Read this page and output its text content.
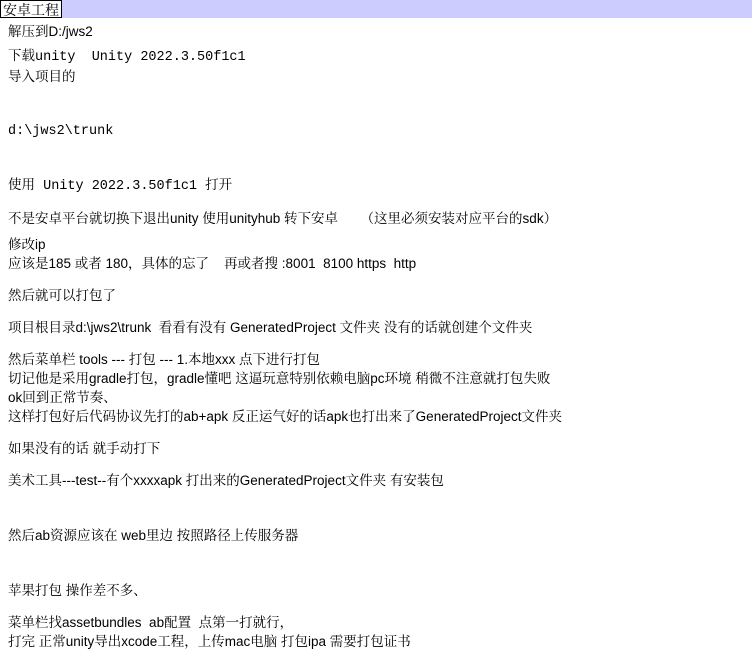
安卓工程
解压到D:/jws2
下载unity  Unity 2022.3.50f1c1
导入项目的
d:\jws2\trunk
使用 Unity 2022.3.50f1c1 打开
不是安卓平台就切换下退出unity 使用unityhub 转下安卓      （这里必须安装对应平台的sdk）
修改ip
应该是185 或者 180，具体的忘了    再或者搜 :8001  8100 https  http
然后就可以打包了
项目根目录d:\jws2\trunk  看看有没有 GeneratedProject 文件夹 没有的话就创建个文件夹
然后菜单栏 tools --- 打包 --- 1.本地xxx 点下进行打包
切记他是采用gradle打包，gradle懂吧 这逼玩意特别依赖电脑pc环境 稍微不注意就打包失败
ok回到正常节奏、
这样打包好后代码协议先打的ab+apk 反正运气好的话apk也打出来了GeneratedProject文件夹
如果没有的话 就手动打下
美术工具---test--有个xxxxapk 打出来的GeneratedProject文件夹 有安装包
然后ab资源应该在 web里边 按照路径上传服务器
苹果打包 操作差不多、
菜单栏找assetbundles  ab配置  点第一打就行，
打完 正常unity导出xcode工程，上传mac电脑 打包ipa 需要打包证书
